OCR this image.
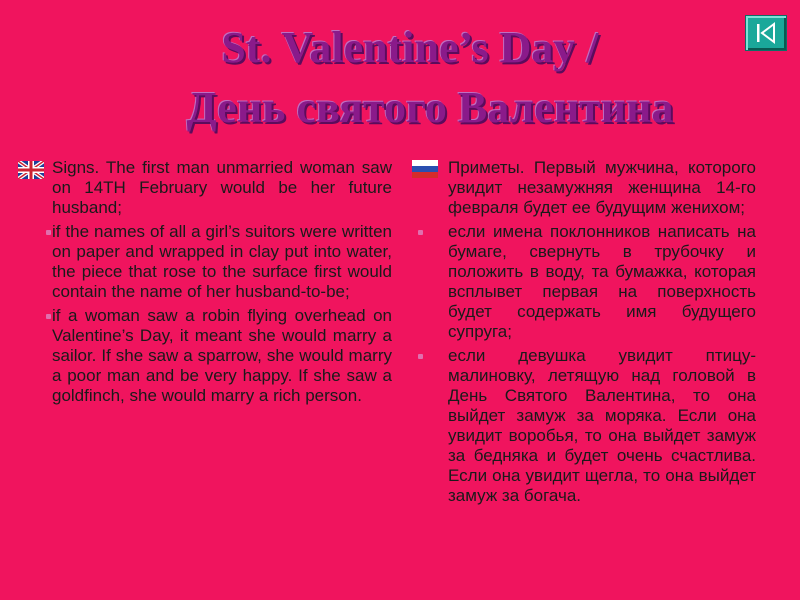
St. Valentine’s Day /
День святого Валентина

Signs. The first man unmarried woman saw on 14TH February would be her future husband;

if the names of all a girl’s suitors were written on paper and wrapped in clay put into water, the piece that rose to the surface first would contain the name of her husband-to-be;

if a woman saw a robin flying overhead on Valentine’s Day, it meant she would marry a sailor. If she saw a sparrow, she would marry a poor man and be very happy. If she saw a goldfinch, she would marry a rich person.

Приметы. Первый мужчина, которого увидит незамужняя женщина 14-го февраля будет ее будущим женихом;

если имена поклонников написать на бумаге, свернуть в трубочку и положить в воду, та бумажка, которая всплывет первая на поверхность будет содержать имя будущего супруга;

если девушка увидит птицу-малиновку, летящую над головой в День Святого Валентина, то она выйдет замуж за моряка. Если она увидит воробья, то она выйдет замуж за бедняка и будет очень счастлива. Если она увидит щегла, то она выйдет замуж за богача.
